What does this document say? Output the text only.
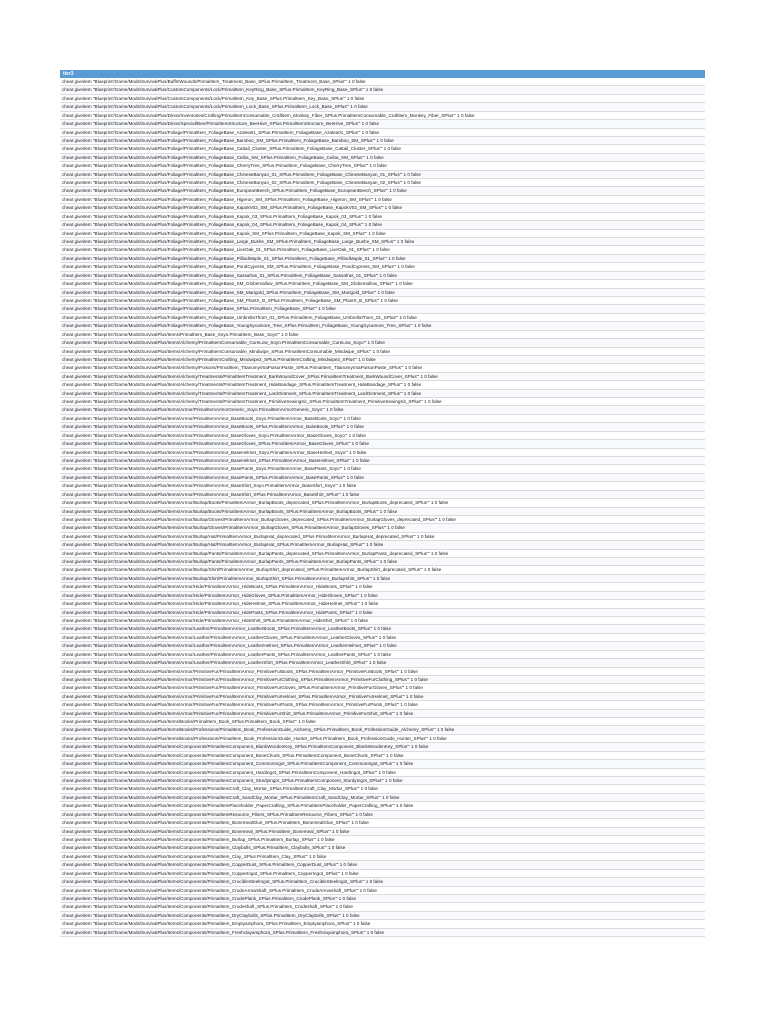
tier3
cheat giveitem "Blueprint'/Game/Mods/SurvivalPlus/Buffs/Wounds/PrimalItem_Treatment_Base_SPlus.PrimalItem_Treatment_Base_SPlus'" 1 0 false
cheat giveitem "Blueprint'/Game/Mods/SurvivalPlus/CustomComponents/Lock/PrimalItem_KeyRing_Base_SPlus.PrimalItem_KeyRing_Base_SPlus'" 1 0 false
cheat giveitem "Blueprint'/Game/Mods/SurvivalPlus/CustomComponents/Lock/PrimalItem_Key_Base_SPlus.PrimalItem_Key_Base_SPlus'" 1 0 false
cheat giveitem "Blueprint'/Game/Mods/SurvivalPlus/CustomComponents/Lock/PrimalItem_Lock_Base_SPlus.PrimalItem_Lock_Base_SPlus'" 1 0 false
cheat giveitem "Blueprint'/Game/Mods/SurvivalPlus/Dinos/Inventories/Crafting/PrimalItemConsumable_Craftitem_Monkey_Fiber_SPlus.PrimalItemConsumable_Craftitem_Monkey_Fiber_SPlus'" 1 0 false
cheat giveitem "Blueprint'/Game/Mods/SurvivalPlus/Dinos/Special/Bee/PrimalItemStructure_BeeHive_SPlus.PrimalItemStructure_BeeHive_SPlus'" 1 0 false
cheat giveitem "Blueprint'/Game/Mods/SurvivalPlus/Foliage/PrimalItem_FoliageBase_Azalea01_SPlus.PrimalItem_FoliageBase_Azalea01_SPlus'" 1 0 false
cheat giveitem "Blueprint'/Game/Mods/SurvivalPlus/Foliage/PrimalItem_FoliageBase_Bamboo_SM_SPlus.PrimalItem_FoliageBase_Bamboo_SM_SPlus'" 1 0 false
cheat giveitem "Blueprint'/Game/Mods/SurvivalPlus/Foliage/PrimalItem_FoliageBase_Cattail_Cluster_SPlus.PrimalItem_FoliageBase_Cattail_Cluster_SPlus'" 1 0 false
cheat giveitem "Blueprint'/Game/Mods/SurvivalPlus/Foliage/PrimalItem_FoliageBase_Ceiba_SM_SPlus.PrimalItem_FoliageBase_Ceiba_SM_SPlus'" 1 0 false
cheat giveitem "Blueprint'/Game/Mods/SurvivalPlus/Foliage/PrimalItem_FoliageBase_CherryTree_SPlus.PrimalItem_FoliageBase_CherryTree_SPlus'" 1 0 false
cheat giveitem "Blueprint'/Game/Mods/SurvivalPlus/Foliage/PrimalItem_FoliageBase_ChineseBanyan_01_SPlus.PrimalItem_FoliageBase_ChineseBanyan_01_SPlus'" 1 0 false
cheat giveitem "Blueprint'/Game/Mods/SurvivalPlus/Foliage/PrimalItem_FoliageBase_ChineseBanyan_02_SPlus.PrimalItem_FoliageBase_ChineseBanyan_02_SPlus'" 1 0 false
cheat giveitem "Blueprint'/Game/Mods/SurvivalPlus/Foliage/PrimalItem_FoliageBase_EuropeanBeech_SPlus.PrimalItem_FoliageBase_EuropeanBeech_SPlus'" 1 0 false
cheat giveitem "Blueprint'/Game/Mods/SurvivalPlus/Foliage/PrimalItem_FoliageBase_Higeron_SM_SPlus.PrimalItem_FoliageBase_Higeron_SM_SPlus'" 1 0 false
cheat giveitem "Blueprint'/Game/Mods/SurvivalPlus/Foliage/PrimalItem_FoliageBase_KapokV02_SM_SPlus.PrimalItem_FoliageBase_KapokV02_SM_SPlus'" 1 0 false
cheat giveitem "Blueprint'/Game/Mods/SurvivalPlus/Foliage/PrimalItem_FoliageBase_Kapok_03_SPlus.PrimalItem_FoliageBase_Kapok_03_SPlus'" 1 0 false
cheat giveitem "Blueprint'/Game/Mods/SurvivalPlus/Foliage/PrimalItem_FoliageBase_Kapok_04_SPlus.PrimalItem_FoliageBase_Kapok_04_SPlus'" 1 0 false
cheat giveitem "Blueprint'/Game/Mods/SurvivalPlus/Foliage/PrimalItem_FoliageBase_Kapok_SM_SPlus.PrimalItem_FoliageBase_Kapok_SM_SPlus'" 1 0 false
cheat giveitem "Blueprint'/Game/Mods/SurvivalPlus/Foliage/PrimalItem_FoliageBase_Large_Bushe_SM_SPlus.PrimalItem_FoliageBase_Large_Bushe_SM_SPlus'" 1 0 false
cheat giveitem "Blueprint'/Game/Mods/SurvivalPlus/Foliage/PrimalItem_FoliageBase_LiveOak_01_SPlus.PrimalItem_FoliageBase_LiveOak_01_SPlus'" 1 0 false
cheat giveitem "Blueprint'/Game/Mods/SurvivalPlus/Foliage/PrimalItem_FoliageBase_PilliodMaple_01_SPlus.PrimalItem_FoliageBase_PilliodMaple_01_SPlus'" 1 0 false
cheat giveitem "Blueprint'/Game/Mods/SurvivalPlus/Foliage/PrimalItem_FoliageBase_PondCypress_SM_SPlus.PrimalItem_FoliageBase_PondCypress_SM_SPlus'" 1 0 false
cheat giveitem "Blueprint'/Game/Mods/SurvivalPlus/Foliage/PrimalItem_FoliageBase_Sassafras_01_SPlus.PrimalItem_FoliageBase_Sassafras_01_SPlus'" 1 0 false
cheat giveitem "Blueprint'/Game/Mods/SurvivalPlus/Foliage/PrimalItem_FoliageBase_SM_Globemallow_SPlus.PrimalItem_FoliageBase_SM_Globemallow_SPlus'" 1 0 false
cheat giveitem "Blueprint'/Game/Mods/SurvivalPlus/Foliage/PrimalItem_FoliageBase_SM_Marigold_SPlus.PrimalItem_FoliageBase_SM_Marigold_SPlus'" 1 0 false
cheat giveitem "Blueprint'/Game/Mods/SurvivalPlus/Foliage/PrimalItem_FoliageBase_SM_PlantX_B_SPlus.PrimalItem_FoliageBase_SM_PlantX_B_SPlus'" 1 0 false
cheat giveitem "Blueprint'/Game/Mods/SurvivalPlus/Foliage/PrimalItem_FoliageBase_SPlus.PrimalItem_FoliageBase_SPlus'" 1 0 false
cheat giveitem "Blueprint'/Game/Mods/SurvivalPlus/Foliage/PrimalItem_FoliageBase_UmbrellaThorn_01_SPlus.PrimalItem_FoliageBase_UmbrellaThorn_01_SPlus'" 1 0 false
cheat giveitem "Blueprint'/Game/Mods/SurvivalPlus/Foliage/PrimalItem_FoliageBase_YoungSycamore_Tree_SPlus.PrimalItem_FoliageBase_YoungSycamore_Tree_SPlus'" 1 0 false
cheat giveitem "Blueprint'/Game/Mods/SurvivalPlus/Items/PrimalItem_Base_Soyo.PrimalItem_Base_Soyo'" 1 0 false
cheat giveitem "Blueprint'/Game/Mods/SurvivalPlus/Items/Alchemy/PrimalItemConsumable_CureLow_Soyo.PrimalItemConsumable_CureLow_Soyo'" 1 0 false
cheat giveitem "Blueprint'/Game/Mods/SurvivalPlus/Items/Alchemy/PrimalItemConsumable_Mindwipe_SPlus.PrimalItemConsumable_Mindwipe_SPlus'" 1 0 false
cheat giveitem "Blueprint'/Game/Mods/SurvivalPlus/Items/Alchemy/PrimalItemCrafting_Mindwipe2_SPlus.PrimalItemCrafting_Mindwipe2_SPlus'" 1 0 false
cheat giveitem "Blueprint'/Game/Mods/SurvivalPlus/Items/Alchemy/Poisons/PrimalItem_TitanomyrmaPoisonPaste_SPlus.PrimalItem_TitanomyrmaPoisonPaste_SPlus'" 1 0 false
cheat giveitem "Blueprint'/Game/Mods/SurvivalPlus/Items/Alchemy/Treatments/PrimalItemTreatment_BarkWoundCover_SPlus.PrimalItemTreatment_BarkWoundCover_SPlus'" 1 0 false
cheat giveitem "Blueprint'/Game/Mods/SurvivalPlus/Items/Alchemy/Treatments/PrimalItemTreatment_HideBandage_SPlus.PrimalItemTreatment_HideBandage_SPlus'" 1 0 false
cheat giveitem "Blueprint'/Game/Mods/SurvivalPlus/Items/Alchemy/Treatments/PrimalItemTreatment_LardOintment_SPlus.PrimalItemTreatment_LardOintment_SPlus'" 1 0 false
cheat giveitem "Blueprint'/Game/Mods/SurvivalPlus/Items/Alchemy/Treatments/PrimalItemTreatment_PrimitiveSewingKit_SPlus.PrimalItemTreatment_PrimitiveSewingKit_SPlus'" 1 0 false
cheat giveitem "Blueprint'/Game/Mods/SurvivalPlus/Items/Armor/PrimalItemArmorGeneric_Soyo.PrimalItemArmorGeneric_Soyo'" 1 0 false
cheat giveitem "Blueprint'/Game/Mods/SurvivalPlus/Items/Armor/PrimalItemArmor_BaseBoots_Soyo.PrimalItemArmor_BaseBoots_Soyo'" 1 0 false
cheat giveitem "Blueprint'/Game/Mods/SurvivalPlus/Items/Armor/PrimalItemArmor_BaseBoots_SPlus.PrimalItemArmor_BaseBoots_SPlus'" 1 0 false
cheat giveitem "Blueprint'/Game/Mods/SurvivalPlus/Items/Armor/PrimalItemArmor_BaseGloves_Soyo.PrimalItemArmor_BaseGloves_Soyo'" 1 0 false
cheat giveitem "Blueprint'/Game/Mods/SurvivalPlus/Items/Armor/PrimalItemArmor_BaseGloves_SPlus.PrimalItemArmor_BaseGloves_SPlus'" 1 0 false
cheat giveitem "Blueprint'/Game/Mods/SurvivalPlus/Items/Armor/PrimalItemArmor_BaseHelmet_Soyo.PrimalItemArmor_BaseHelmet_Soyo'" 1 0 false
cheat giveitem "Blueprint'/Game/Mods/SurvivalPlus/Items/Armor/PrimalItemArmor_BaseHelmet_SPlus.PrimalItemArmor_BaseHelmet_SPlus'" 1 0 false
cheat giveitem "Blueprint'/Game/Mods/SurvivalPlus/Items/Armor/PrimalItemArmor_BasePants_Soyo.PrimalItemArmor_BasePants_Soyo'" 1 0 false
cheat giveitem "Blueprint'/Game/Mods/SurvivalPlus/Items/Armor/PrimalItemArmor_BasePants_SPlus.PrimalItemArmor_BasePants_SPlus'" 1 0 false
cheat giveitem "Blueprint'/Game/Mods/SurvivalPlus/Items/Armor/PrimalItemArmor_BaseShirt_Soyo.PrimalItemArmor_BaseShirt_Soyo'" 1 0 false
cheat giveitem "Blueprint'/Game/Mods/SurvivalPlus/Items/Armor/PrimalItemArmor_BaseShirt_SPlus.PrimalItemArmor_BaseShirt_SPlus'" 1 0 false
cheat giveitem "Blueprint'/Game/Mods/SurvivalPlus/Items/Armor/Burlap/Boots/PrimalItemArmor_BurlapBoots_deprecated_SPlus.PrimalItemArmor_BurlapBoots_deprecated_SPlus'" 1 0 false
cheat giveitem "Blueprint'/Game/Mods/SurvivalPlus/Items/Armor/Burlap/Boots/PrimalItemArmor_BurlapBoots_SPlus.PrimalItemArmor_BurlapBoots_SPlus'" 1 0 false
cheat giveitem "Blueprint'/Game/Mods/SurvivalPlus/Items/Armor/Burlap/Gloves/PrimalItemArmor_BurlapGloves_deprecated_SPlus.PrimalItemArmor_BurlapGloves_deprecated_SPlus'" 1 0 false
cheat giveitem "Blueprint'/Game/Mods/SurvivalPlus/Items/Armor/Burlap/Gloves/PrimalItemArmor_BurlapGloves_SPlus.PrimalItemArmor_BurlapGloves_SPlus'" 1 0 false
cheat giveitem "Blueprint'/Game/Mods/SurvivalPlus/Items/Armor/Burlap/Hat/PrimalItemArmor_BurlapHat_deprecated_SPlus.PrimalItemArmor_BurlapHat_deprecated_SPlus'" 1 0 false
cheat giveitem "Blueprint'/Game/Mods/SurvivalPlus/Items/Armor/Burlap/Hat/PrimalItemArmor_BurlapHat_SPlus.PrimalItemArmor_BurlapHat_SPlus'" 1 0 false
cheat giveitem "Blueprint'/Game/Mods/SurvivalPlus/Items/Armor/Burlap/Pants/PrimalItemArmor_BurlapPants_deprecated_SPlus.PrimalItemArmor_BurlapPants_deprecated_SPlus'" 1 0 false
cheat giveitem "Blueprint'/Game/Mods/SurvivalPlus/Items/Armor/Burlap/Pants/PrimalItemArmor_BurlapPants_SPlus.PrimalItemArmor_BurlapPants_SPlus'" 1 0 false
cheat giveitem "Blueprint'/Game/Mods/SurvivalPlus/Items/Armor/Burlap/Shirt/PrimalItemArmor_BurlapShirt_deprecated_SPlus.PrimalItemArmor_BurlapShirt_deprecated_SPlus'" 1 0 false
cheat giveitem "Blueprint'/Game/Mods/SurvivalPlus/Items/Armor/Burlap/Shirt/PrimalItemArmor_BurlapShirt_SPlus.PrimalItemArmor_BurlapShirt_SPlus'" 1 0 false
cheat giveitem "Blueprint'/Game/Mods/SurvivalPlus/Items/Armor/Hide/PrimalItemArmor_HideBoots_SPlus.PrimalItemArmor_HideBoots_SPlus'" 1 0 false
cheat giveitem "Blueprint'/Game/Mods/SurvivalPlus/Items/Armor/Hide/PrimalItemArmor_HideGloves_SPlus.PrimalItemArmor_HideGloves_SPlus'" 1 0 false
cheat giveitem "Blueprint'/Game/Mods/SurvivalPlus/Items/Armor/Hide/PrimalItemArmor_HideHelmet_SPlus.PrimalItemArmor_HideHelmet_SPlus'" 1 0 false
cheat giveitem "Blueprint'/Game/Mods/SurvivalPlus/Items/Armor/Hide/PrimalItemArmor_HidePants_SPlus.PrimalItemArmor_HidePants_SPlus'" 1 0 false
cheat giveitem "Blueprint'/Game/Mods/SurvivalPlus/Items/Armor/Hide/PrimalItemArmor_HideShirt_SPlus.PrimalItemArmor_HideShirt_SPlus'" 1 0 false
cheat giveitem "Blueprint'/Game/Mods/SurvivalPlus/Items/Armor/Leather/PrimalItemArmor_LeatherBoots_SPlus.PrimalItemArmor_LeatherBoots_SPlus'" 1 0 false
cheat giveitem "Blueprint'/Game/Mods/SurvivalPlus/Items/Armor/Leather/PrimalItemArmor_LeatherGloves_SPlus.PrimalItemArmor_LeatherGloves_SPlus'" 1 0 false
cheat giveitem "Blueprint'/Game/Mods/SurvivalPlus/Items/Armor/Leather/PrimalItemArmor_LeatherHelmet_SPlus.PrimalItemArmor_LeatherHelmet_SPlus'" 1 0 false
cheat giveitem "Blueprint'/Game/Mods/SurvivalPlus/Items/Armor/Leather/PrimalItemArmor_LeatherPants_SPlus.PrimalItemArmor_LeatherPants_SPlus'" 1 0 false
cheat giveitem "Blueprint'/Game/Mods/SurvivalPlus/Items/Armor/Leather/PrimalItemArmor_LeatherShirt_SPlus.PrimalItemArmor_LeatherShirt_SPlus'" 1 0 false
cheat giveitem "Blueprint'/Game/Mods/SurvivalPlus/Items/Armor/PrimitiveFur/PrimalItemArmor_PrimitiveFurBoots_SPlus.PrimalItemArmor_PrimitiveFurBoots_SPlus'" 1 0 false
cheat giveitem "Blueprint'/Game/Mods/SurvivalPlus/Items/Armor/PrimitiveFur/PrimalItemArmor_PrimitiveFurClothing_SPlus.PrimalItemArmor_PrimitiveFurClothing_SPlus'" 1 0 false
cheat giveitem "Blueprint'/Game/Mods/SurvivalPlus/Items/Armor/PrimitiveFur/PrimalItemArmor_PrimitiveFurGloves_SPlus.PrimalItemArmor_PrimitiveFurGloves_SPlus'" 1 0 false
cheat giveitem "Blueprint'/Game/Mods/SurvivalPlus/Items/Armor/PrimitiveFur/PrimalItemArmor_PrimitiveFurHelmet_SPlus.PrimalItemArmor_PrimitiveFurHelmet_SPlus'" 1 0 false
cheat giveitem "Blueprint'/Game/Mods/SurvivalPlus/Items/Armor/PrimitiveFur/PrimalItemArmor_PrimitiveFurPants_SPlus.PrimalItemArmor_PrimitiveFurPants_SPlus'" 1 0 false
cheat giveitem "Blueprint'/Game/Mods/SurvivalPlus/Items/Armor/PrimitiveFur/PrimalItemArmor_PrimitiveFurShirt_SPlus.PrimalItemArmor_PrimitiveFurShirt_SPlus'" 1 0 false
cheat giveitem "Blueprint'/Game/Mods/SurvivalPlus/Items/Books/PrimalItem_Book_SPlus.PrimalItem_Book_SPlus'" 1 0 false
cheat giveitem "Blueprint'/Game/Mods/SurvivalPlus/Items/Books/Professions/PrimalItem_Book_ProfessionGuide_Alchemy_SPlus.PrimalItem_Book_ProfessionGuide_Alchemy_SPlus'" 1 0 false
cheat giveitem "Blueprint'/Game/Mods/SurvivalPlus/Items/Books/Professions/PrimalItem_Book_ProfessionGuide_Hunter_SPlus.PrimalItem_Book_ProfessionGuide_Hunter_SPlus'" 1 0 false
cheat giveitem "Blueprint'/Game/Mods/SurvivalPlus/Items/Components/PrimalItemComponent_BlankWoodenKey_SPlus.PrimalItemComponent_BlankWoodenKey_SPlus'" 1 0 false
cheat giveitem "Blueprint'/Game/Mods/SurvivalPlus/Items/Components/PrimalItemComponent_BoneChunk_SPlus.PrimalItemComponent_BoneChunk_SPlus'" 1 0 false
cheat giveitem "Blueprint'/Game/Mods/SurvivalPlus/Items/Components/PrimalItemComponent_CommonIngot_SPlus.PrimalItemComponent_CommonIngot_SPlus'" 1 0 false
cheat giveitem "Blueprint'/Game/Mods/SurvivalPlus/Items/Components/PrimalItemComponent_HardIngot_SPlus.PrimalItemComponent_HardIngot_SPlus'" 1 0 false
cheat giveitem "Blueprint'/Game/Mods/SurvivalPlus/Items/Components/PrimalItemComponent_SturdyIngot_SPlus.PrimalItemComponent_SturdyIngot_SPlus'" 1 0 false
cheat giveitem "Blueprint'/Game/Mods/SurvivalPlus/Items/Components/PrimalItemCraft_Clay_Mortar_SPlus.PrimalItemCraft_Clay_Mortar_SPlus'" 1 0 false
cheat giveitem "Blueprint'/Game/Mods/SurvivalPlus/Items/Components/PrimalItemCraft_SandClay_Mortar_SPlus.PrimalItemCraft_SandClay_Mortar_SPlus'" 1 0 false
cheat giveitem "Blueprint'/Game/Mods/SurvivalPlus/Items/Components/PrimalItemPlaceholder_PaperCrafting_SPlus.PrimalItemPlaceholder_PaperCrafting_SPlus'" 1 0 false
cheat giveitem "Blueprint'/Game/Mods/SurvivalPlus/Items/Components/PrimalItemResource_Fibers_SPlus.PrimalItemResource_Fibers_SPlus'" 1 0 false
cheat giveitem "Blueprint'/Game/Mods/SurvivalPlus/Items/Components/PrimalItem_BonemealGlue_SPlus.PrimalItem_BonemealGlue_SPlus'" 1 0 false
cheat giveitem "Blueprint'/Game/Mods/SurvivalPlus/Items/Components/PrimalItem_Bonemeal_SPlus.PrimalItem_Bonemeal_SPlus'" 1 0 false
cheat giveitem "Blueprint'/Game/Mods/SurvivalPlus/Items/Components/PrimalItem_Burlap_SPlus.PrimalItem_Burlap_SPlus'" 1 0 false
cheat giveitem "Blueprint'/Game/Mods/SurvivalPlus/Items/Components/PrimalItem_Claybolls_SPlus.PrimalItem_Claybolls_SPlus'" 1 0 false
cheat giveitem "Blueprint'/Game/Mods/SurvivalPlus/Items/Components/PrimalItem_Clay_SPlus.PrimalItem_Clay_SPlus'" 1 0 false
cheat giveitem "Blueprint'/Game/Mods/SurvivalPlus/Items/Components/PrimalItem_CopperDust_SPlus.PrimalItem_CopperDust_SPlus'" 1 0 false
cheat giveitem "Blueprint'/Game/Mods/SurvivalPlus/Items/Components/PrimalItem_CopperIngot_SPlus.PrimalItem_CopperIngot_SPlus'" 1 0 false
cheat giveitem "Blueprint'/Game/Mods/SurvivalPlus/Items/Components/PrimalItem_CrucibleSteelIngot_SPlus.PrimalItem_CrucibleSteelIngot_SPlus'" 1 0 false
cheat giveitem "Blueprint'/Game/Mods/SurvivalPlus/Items/Components/PrimalItem_CrudeArrowshaft_SPlus.PrimalItem_CrudeArrowshaft_SPlus'" 1 0 false
cheat giveitem "Blueprint'/Game/Mods/SurvivalPlus/Items/Components/PrimalItem_CrudePlank_SPlus.PrimalItem_CrudePlank_SPlus'" 1 0 false
cheat giveitem "Blueprint'/Game/Mods/SurvivalPlus/Items/Components/PrimalItem_Crudeshaft_SPlus.PrimalItem_Crudeshaft_SPlus'" 1 0 false
cheat giveitem "Blueprint'/Game/Mods/SurvivalPlus/Items/Components/PrimalItem_DryClaybolls_SPlus.PrimalItem_DryClaybolls_SPlus'" 1 0 false
cheat giveitem "Blueprint'/Game/Mods/SurvivalPlus/Items/Components/PrimalItem_Emptyamphora_SPlus.PrimalItem_Emptyamphora_SPlus'" 1 0 false
cheat giveitem "Blueprint'/Game/Mods/SurvivalPlus/Items/Components/PrimalItem_Freshclayamphora_SPlus.PrimalItem_Freshclayamphora_SPlus'" 1 0 false
